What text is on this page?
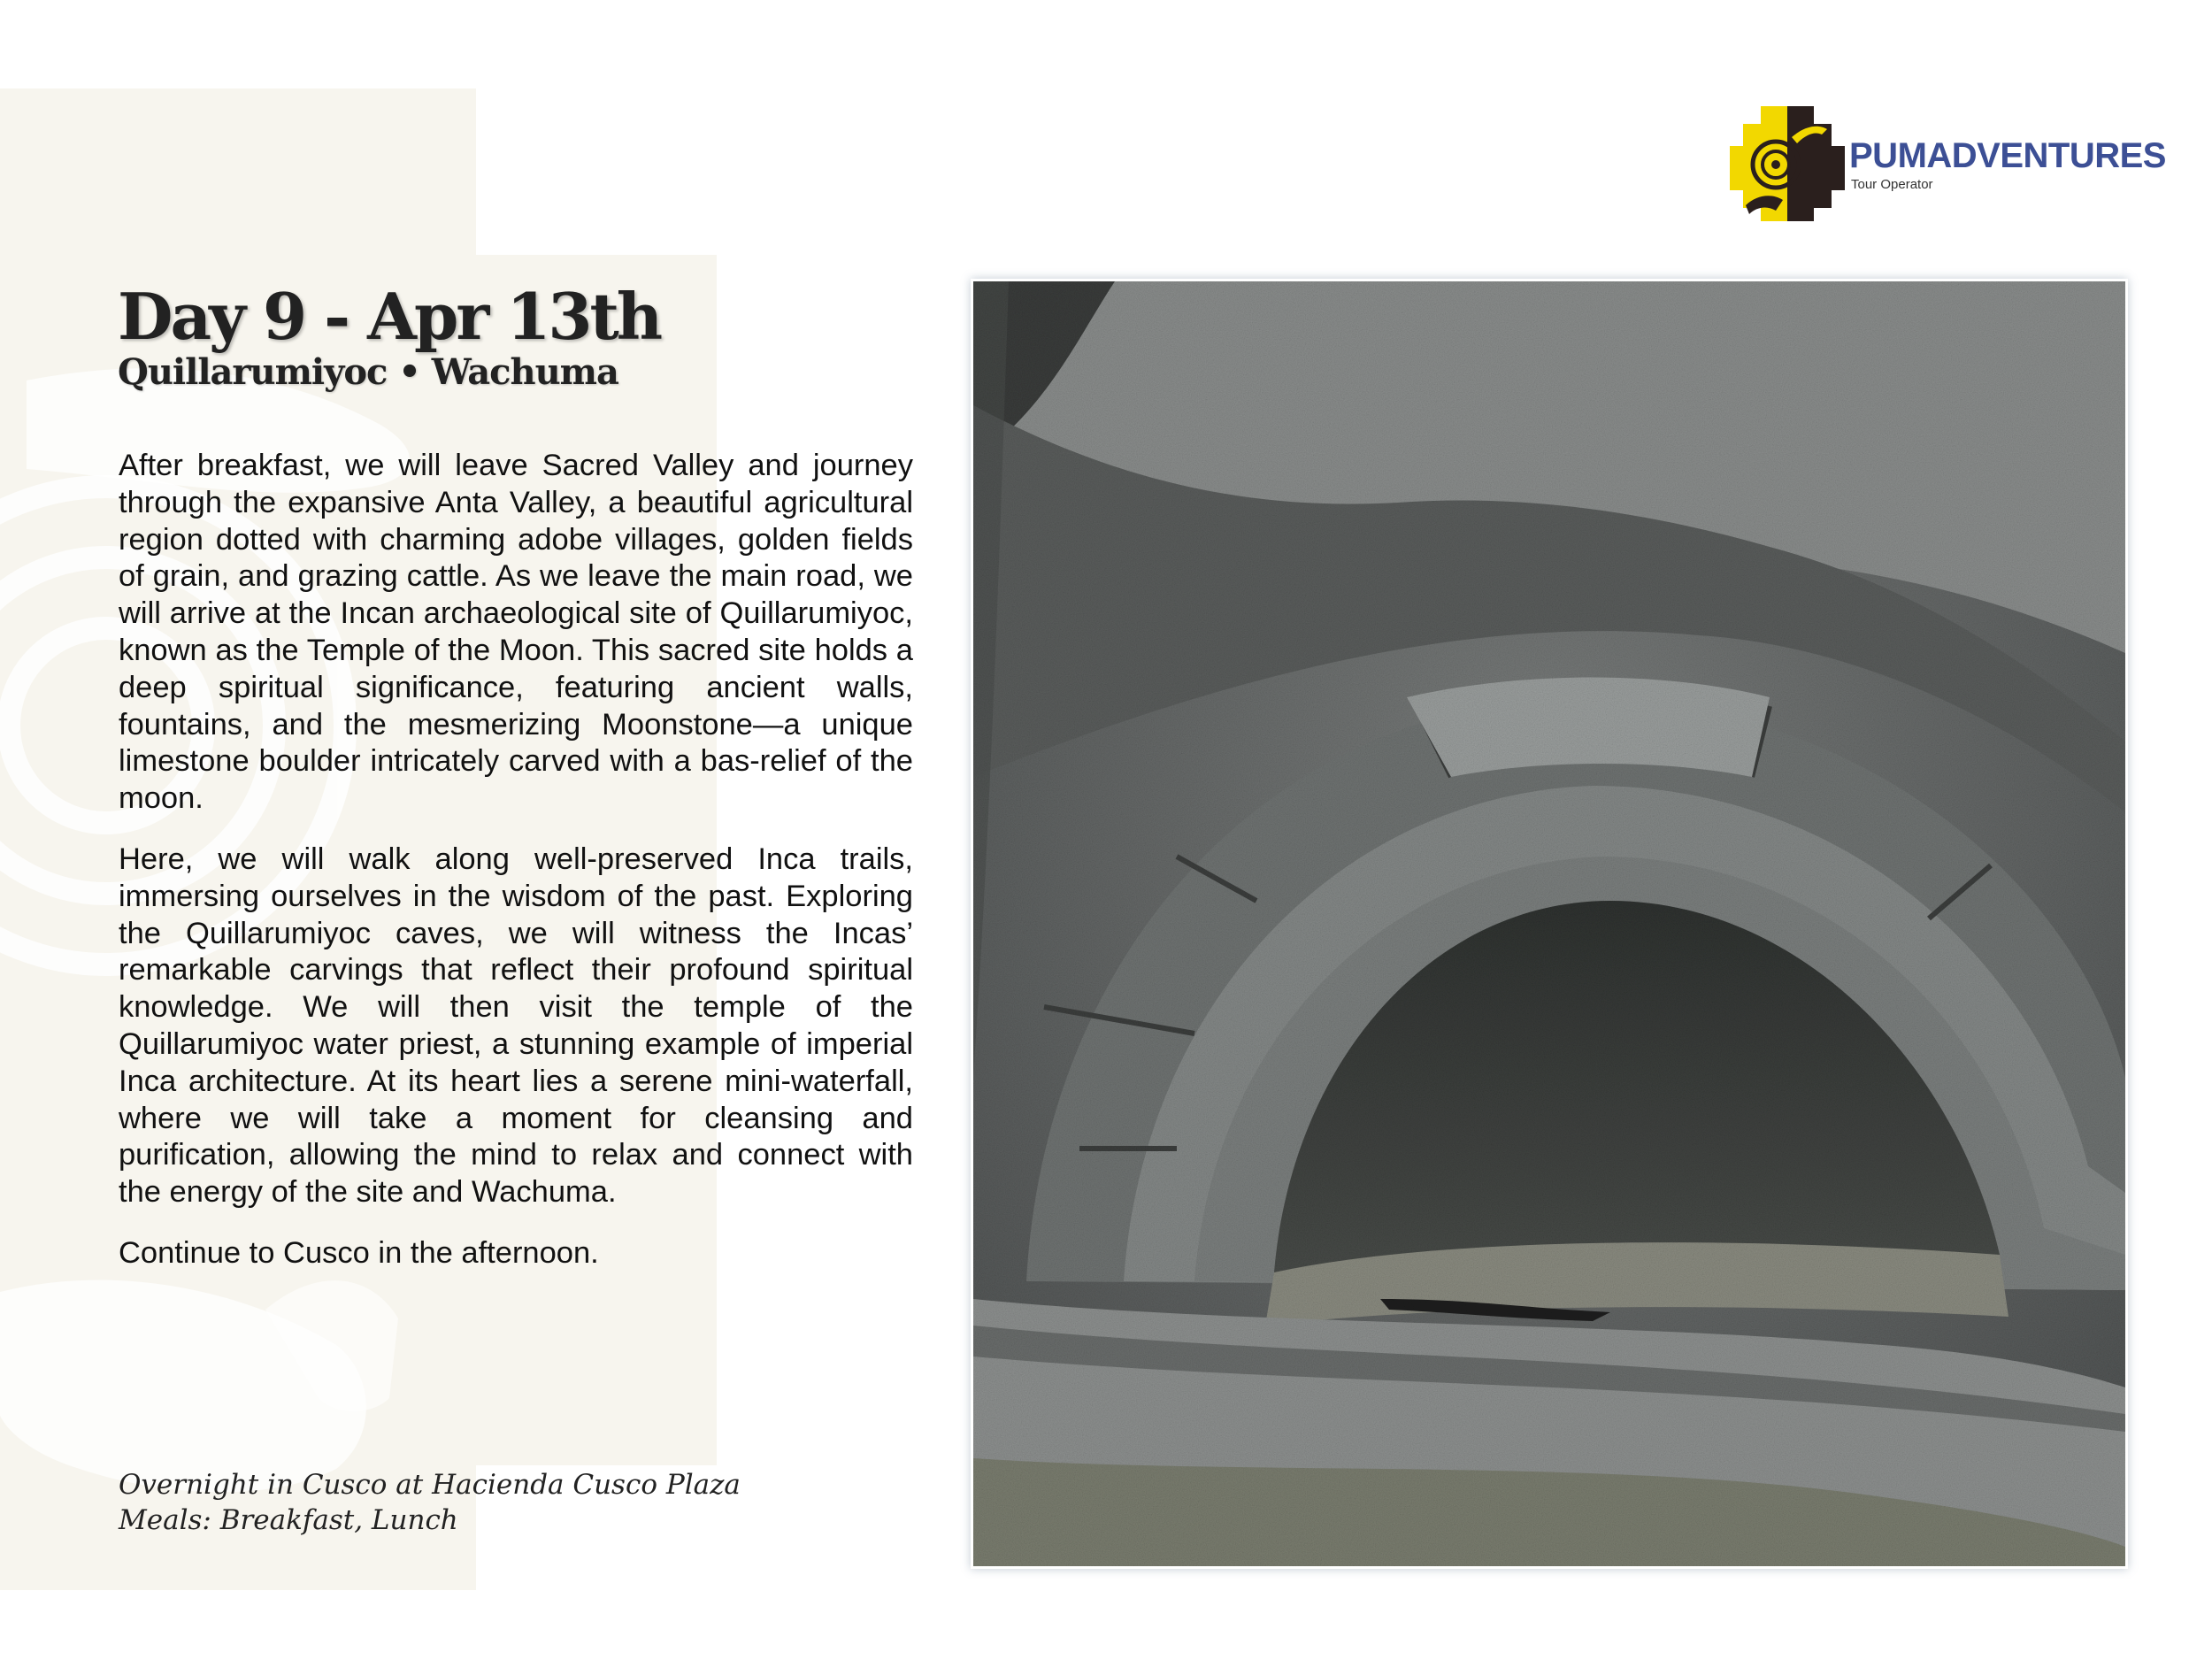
PUMADVENTURES
Tour Operator
Day 9 - Apr 13th
Quillarumiyoc • Wachuma

After breakfast, we will leave Sacred Valley and journey through the expansive Anta Valley, a beautiful agricultural region dotted with charming adobe villages, golden fields of grain, and grazing cattle. As we leave the main road, we will arrive at the Incan archaeological site of Quillarumiyoc, known as the Temple of the Moon. This sacred site holds a deep spiritual significance, featuring ancient walls, fountains, and the mesmerizing Moonstone—a unique limestone boulder intricately carved with a bas-relief of the moon.

Here, we will walk along well-preserved Inca trails, immersing ourselves in the wisdom of the past. Exploring the Quillarumiyoc caves, we will witness the Incas’ remarkable carvings that reflect their profound spiritual knowledge. We will then visit the temple of the Quillarumiyoc water priest, a stunning example of imperial Inca architecture. At its heart lies a serene mini-waterfall, where we will take a moment for cleansing and purification, allowing the mind to relax and connect with the energy of the site and Wachuma.

Continue to Cusco in the afternoon.

Overnight in Cusco at Hacienda Cusco Plaza
Meals: Breakfast, Lunch
